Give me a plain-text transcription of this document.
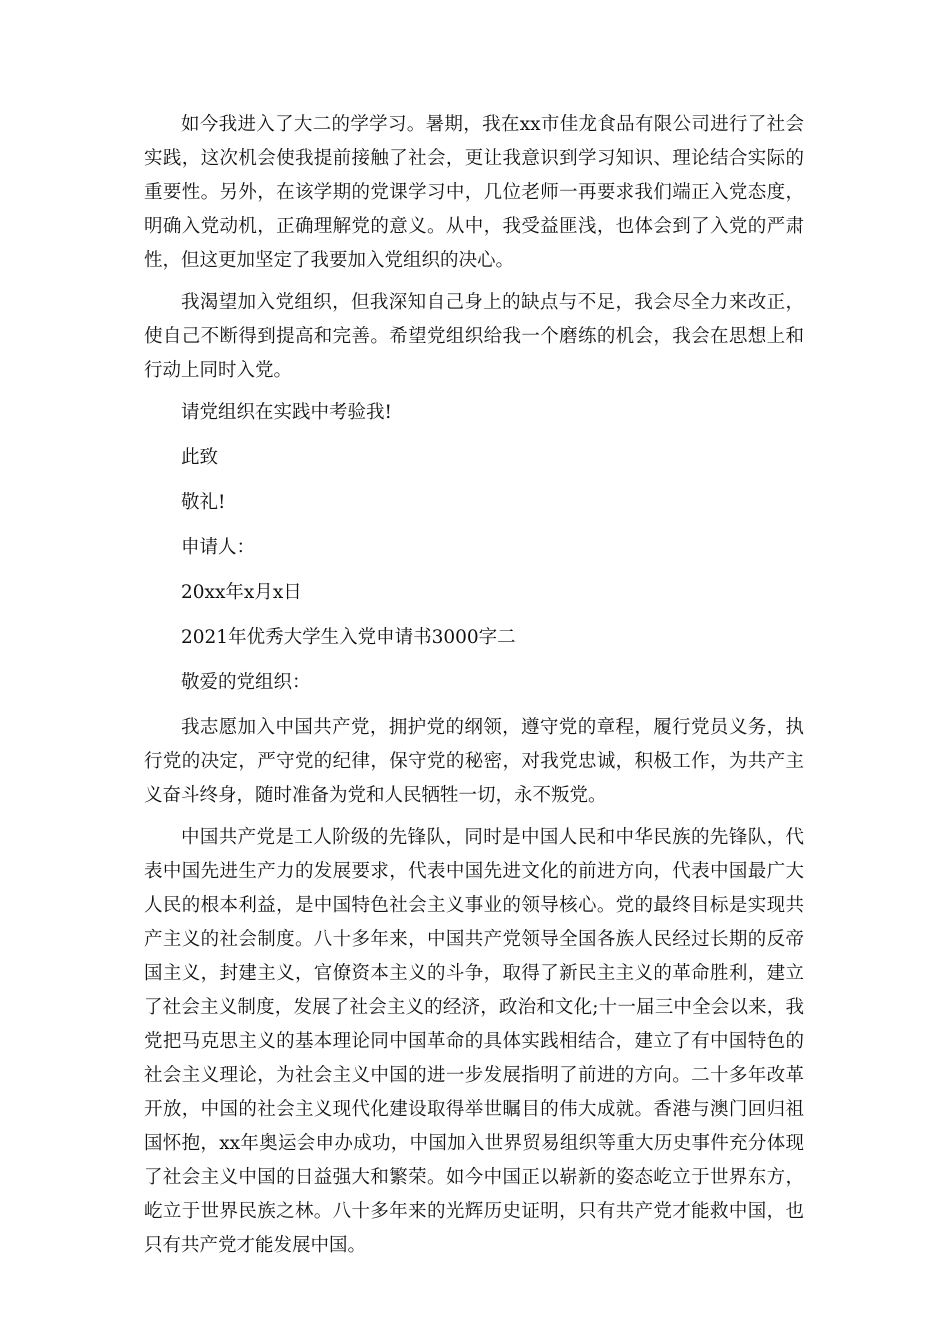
如今我进入了大二的学学习。暑期，我在xx市佳龙食品有限公司进行了社会实践，这次机会使我提前接触了社会，更让我意识到学习知识、理论结合实际的重要性。另外，在该学期的党课学习中，几位老师一再要求我们端正入党态度，明确入党动机，正确理解党的意义。从中，我受益匪浅，也体会到了入党的严肃性，但这更加坚定了我要加入党组织的决心。

我渴望加入党组织，但我深知自己身上的缺点与不足，我会尽全力来改正，使自己不断得到提高和完善。希望党组织给我一个磨练的机会，我会在思想上和行动上同时入党。

请党组织在实践中考验我!

此致

敬礼!

申请人：

20xx年x月x日

2021年优秀大学生入党申请书3000字二

敬爱的党组织：

我志愿加入中国共产党，拥护党的纲领，遵守党的章程，履行党员义务，执行党的决定，严守党的纪律，保守党的秘密，对我党忠诚，积极工作，为共产主义奋斗终身，随时准备为党和人民牺牲一切，永不叛党。

中国共产党是工人阶级的先锋队，同时是中国人民和中华民族的先锋队，代表中国先进生产力的发展要求，代表中国先进文化的前进方向，代表中国最广大人民的根本利益，是中国特色社会主义事业的领导核心。党的最终目标是实现共产主义的社会制度。八十多年来，中国共产党领导全国各族人民经过长期的反帝国主义，封建主义，官僚资本主义的斗争，取得了新民主主义的革命胜利，建立了社会主义制度，发展了社会主义的经济，政治和文化;十一届三中全会以来，我党把马克思主义的基本理论同中国革命的具体实践相结合，建立了有中国特色的社会主义理论，为社会主义中国的进一步发展指明了前进的方向。二十多年改革开放，中国的社会主义现代化建设取得举世瞩目的伟大成就。香港与澳门回归祖国怀抱，xx年奥运会申办成功，中国加入世界贸易组织等重大历史事件充分体现了社会主义中国的日益强大和繁荣。如今中国正以崭新的姿态屹立于世界东方，屹立于世界民族之林。八十多年来的光辉历史证明，只有共产党才能救中国，也只有共产党才能发展中国。
